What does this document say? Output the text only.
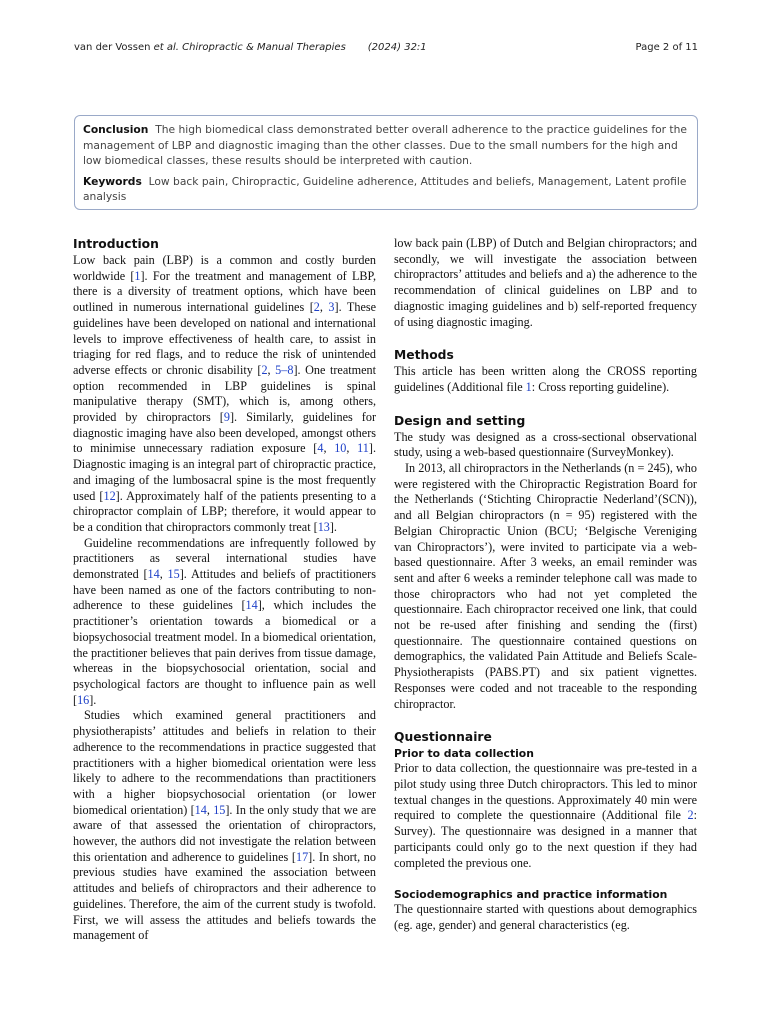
van der Vossen et al. Chiropractic & Manual Therapies (2024) 32:1	Page 2 of 11

Conclusion The high biomedical class demonstrated better overall adherence to the practice guidelines for the management of LBP and diagnostic imaging than the other classes. Due to the small numbers for the high and low biomedical classes, these results should be interpreted with caution.

Keywords Low back pain, Chiropractic, Guideline adherence, Attitudes and beliefs, Management, Latent profile analysis

Introduction

Low back pain (LBP) is a common and costly burden worldwide [1]. For the treatment and management of LBP, there is a diversity of treatment options, which have been outlined in numerous international guidelines [2, 3]. These guidelines have been developed on national and international levels to improve effectiveness of health care, to assist in triaging for red flags, and to reduce the risk of unintended adverse effects or chronic disability [2, 5–8]. One treatment option recommended in LBP guidelines is spinal manipulative therapy (SMT), which is, among others, provided by chiropractors [9]. Similarly, guidelines for diagnostic imaging have also been developed, amongst others to minimise unnecessary radiation exposure [4, 10, 11]. Diagnostic imaging is an integral part of chiropractic practice, and imaging of the lumbosacral spine is the most frequently used [12]. Approximately half of the patients presenting to a chiropractor complain of LBP; therefore, it would appear to be a condition that chiropractors commonly treat [13].

Guideline recommendations are infrequently followed by practitioners as several international studies have demonstrated [14, 15]. Attitudes and beliefs of practitioners have been named as one of the factors contributing to non-adherence to these guidelines [14], which includes the practitioner’s orientation towards a biomedical or a biopsychosocial treatment model. In a biomedical orientation, the practitioner believes that pain derives from tissue damage, whereas in the biopsychosocial orientation, social and psychological factors are thought to influence pain as well [16].

Studies which examined general practitioners and physiotherapists’ attitudes and beliefs in relation to their adherence to the recommendations in practice suggested that practitioners with a higher biomedical orientation were less likely to adhere to the recommendations than practitioners with a higher biopsychosocial orientation (or lower biomedical orientation) [14, 15]. In the only study that we are aware of that assessed the orientation of chiropractors, however, the authors did not investigate the relation between this orientation and adherence to guidelines [17]. In short, no previous studies have examined the association between attitudes and beliefs of chiropractors and their adherence to guidelines. Therefore, the aim of the current study is twofold. First, we will assess the attitudes and beliefs towards the management of

low back pain (LBP) of Dutch and Belgian chiropractors; and secondly, we will investigate the association between chiropractors’ attitudes and beliefs and a) the adherence to the recommendation of clinical guidelines on LBP and to diagnostic imaging guidelines and b) self-reported frequency of using diagnostic imaging.

Methods

This article has been written along the CROSS reporting guidelines (Additional file 1: Cross reporting guideline).

Design and setting

The study was designed as a cross-sectional observational study, using a web-based questionnaire (SurveyMonkey).

In 2013, all chiropractors in the Netherlands (n = 245), who were registered with the Chiropractic Registration Board for the Netherlands (‘Stichting Chiropractie Nederland’(SCN)), and all Belgian chiropractors (n = 95) registered with the Belgian Chiropractic Union (BCU; ‘Belgische Vereniging van Chiropractors’), were invited to participate via a web-based questionnaire. After 3 weeks, an email reminder was sent and after 6 weeks a reminder telephone call was made to those chiropractors who had not yet completed the questionnaire. Each chiropractor received one link, that could not be re-used after finishing and sending the (first) questionnaire. The questionnaire contained questions on demographics, the validated Pain Attitude and Beliefs Scale-Physiotherapists (PABS.PT) and six patient vignettes. Responses were coded and not traceable to the responding chiropractor.

Questionnaire
Prior to data collection

Prior to data collection, the questionnaire was pre-tested in a pilot study using three Dutch chiropractors. This led to minor textual changes in the questions. Approximately 40 min were required to complete the questionnaire (Additional file 2: Survey). The questionnaire was designed in a manner that participants could only go to the next question if they had completed the previous one.

Sociodemographics and practice information

The questionnaire started with questions about demographics (eg. age, gender) and general characteristics (eg.
